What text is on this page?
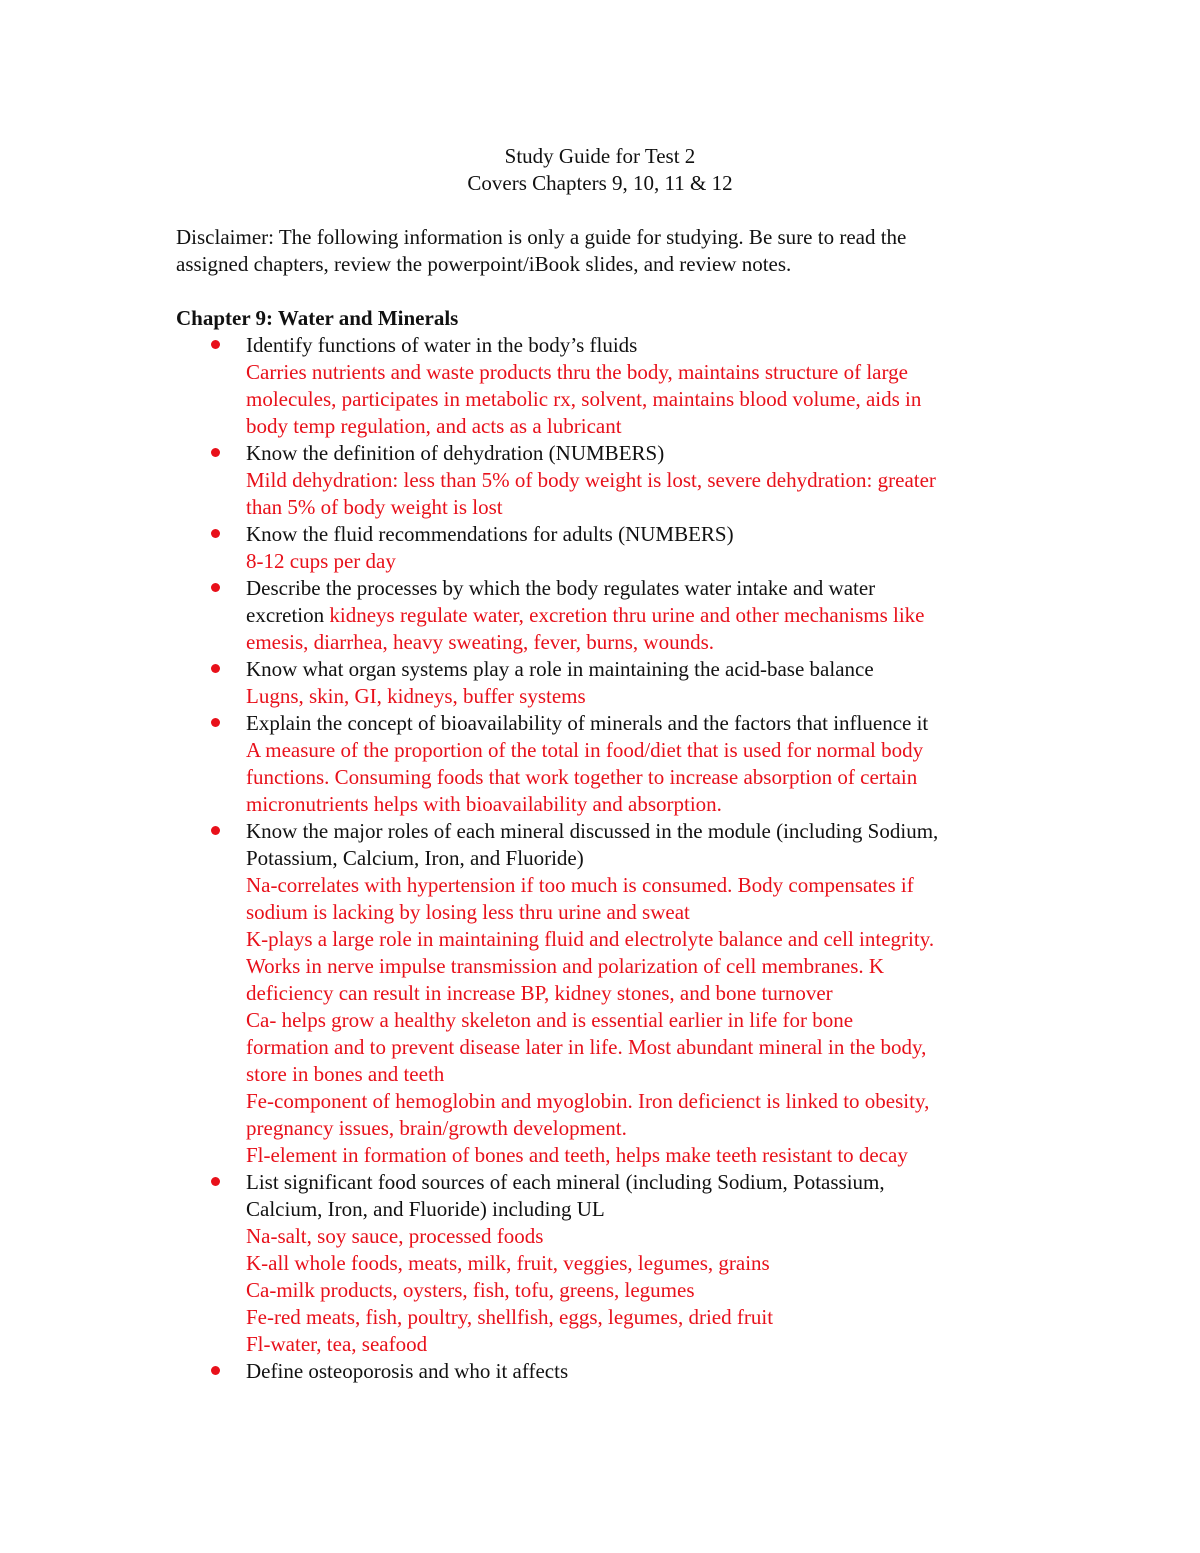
Study Guide for Test 2
Covers Chapters 9, 10, 11 & 12
Disclaimer: The following information is only a guide for studying. Be sure to read the
assigned chapters, review the powerpoint/iBook slides, and review notes.
Chapter 9: Water and Minerals
Identify functions of water in the body’s fluids
Carries nutrients and waste products thru the body, maintains structure of large
molecules, participates in metabolic rx, solvent, maintains blood volume, aids in
body temp regulation, and acts as a lubricant
Know the definition of dehydration (NUMBERS)
Mild dehydration: less than 5% of body weight is lost, severe dehydration: greater
than 5% of body weight is lost
Know the fluid recommendations for adults (NUMBERS)
8-12 cups per day
Describe the processes by which the body regulates water intake and water
excretion kidneys regulate water, excretion thru urine and other mechanisms like
emesis, diarrhea, heavy sweating, fever, burns, wounds.
Know what organ systems play a role in maintaining the acid-base balance
Lugns, skin, GI, kidneys, buffer systems
Explain the concept of bioavailability of minerals and the factors that influence it
A measure of the proportion of the total in food/diet that is used for normal body
functions. Consuming foods that work together to increase absorption of certain
micronutrients helps with bioavailability and absorption.
Know the major roles of each mineral discussed in the module (including Sodium,
Potassium, Calcium, Iron, and Fluoride)
Na-correlates with hypertension if too much is consumed. Body compensates if
sodium is lacking by losing less thru urine and sweat
K-plays a large role in maintaining fluid and electrolyte balance and cell integrity.
Works in nerve impulse transmission and polarization of cell membranes. K
deficiency can result in increase BP, kidney stones, and bone turnover
Ca- helps grow a healthy skeleton and is essential earlier in life for bone
formation and to prevent disease later in life. Most abundant mineral in the body,
store in bones and teeth
Fe-component of hemoglobin and myoglobin. Iron deficienct is linked to obesity,
pregnancy issues, brain/growth development.
Fl-element in formation of bones and teeth, helps make teeth resistant to decay
List significant food sources of each mineral (including Sodium, Potassium,
Calcium, Iron, and Fluoride) including UL
Na-salt, soy sauce, processed foods
K-all whole foods, meats, milk, fruit, veggies, legumes, grains
Ca-milk products, oysters, fish, tofu, greens, legumes
Fe-red meats, fish, poultry, shellfish, eggs, legumes, dried fruit
Fl-water, tea, seafood
Define osteoporosis and who it affects
